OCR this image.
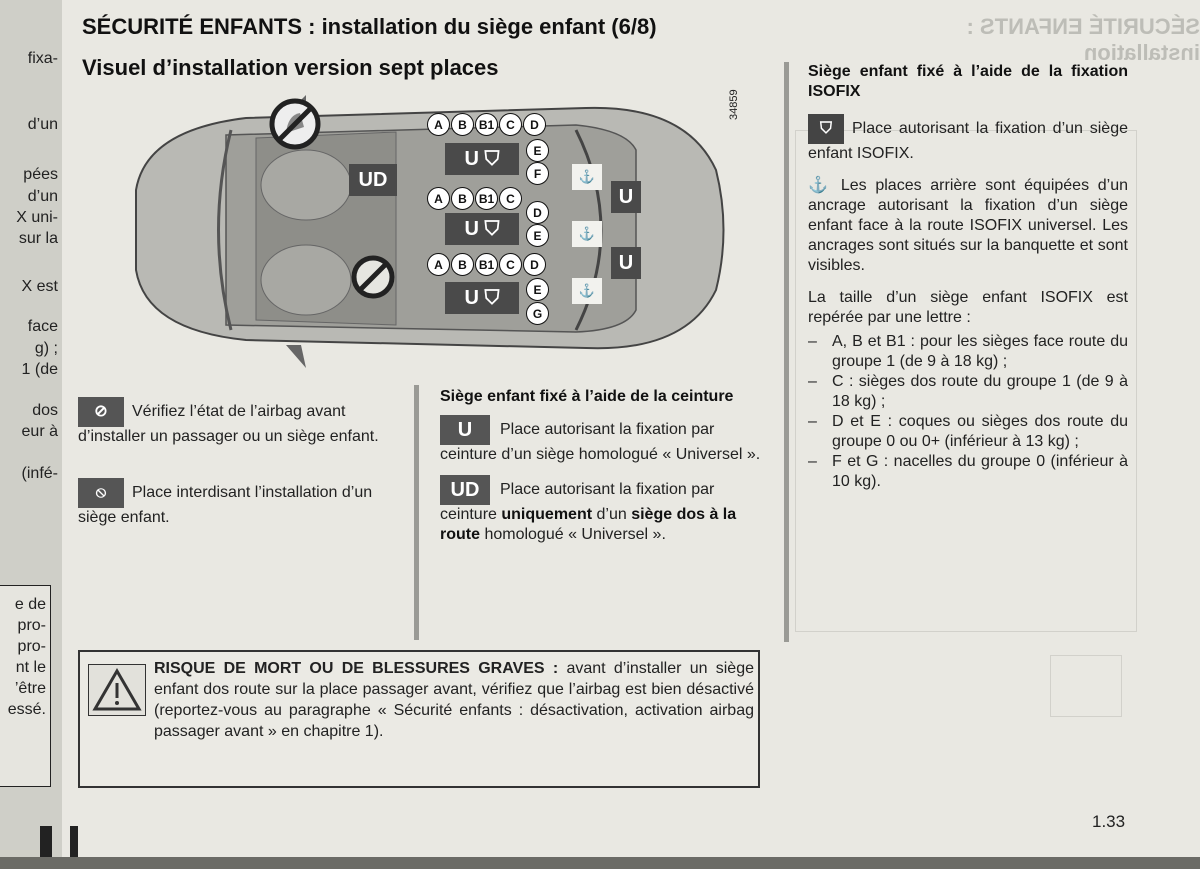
SÉCURITÉ ENFANTS : installation
fixa-
d’un
pées
d’un
X uni-
sur la
X est
face
g) ;
1 (de
dos
eur à
(infé-
e de
pro-
pro-
nt le
’être
essé.
SÉCURITÉ ENFANTS : installation du siège enfant (6/8)
Visuel d’installation version sept places
34859
UD
A	B	B1 C	D
U
⛉	E
F
A	B	B1 C
U
⛉
D
E
A	B	B1 C	D
U
⛉	E
G
⚓
⚓
⚓
U
U
⊘ Vérifiez l’état de l’airbag avant d’installer un passager ou un siège enfant.
⦸ Place interdisant l’installation d’un siège enfant.
Siège enfant fixé à l’aide de la ceinture
U Place autorisant la fixation par ceinture d’un siège homologué « Universel ».
UD Place autorisant la fixation par ceinture uniquement d’un siège dos à la route homologué « Universel ».
Siège enfant fixé à l’aide de la fixation ISOFIX
⛉ Place autorisant la fixation d’un siège enfant ISOFIX.
⚓ Les places arrière sont équipées d’un ancrage autorisant la fixation d’un siège enfant face à la route ISOFIX universel. Les ancrages sont situés sur la banquette et sont visibles.
La taille d’un siège enfant ISOFIX est repérée par une lettre :
– A, B et B1 : pour les sièges face route du groupe 1 (de 9 à 18 kg) ;
– C : sièges dos route du groupe 1 (de 9 à 18 kg) ;
– D et E : coques ou sièges dos route du groupe 0 ou 0+ (inférieur à 13 kg) ;
– F et G : nacelles du groupe 0 (inférieur à 10 kg).
RISQUE DE MORT OU DE BLESSURES GRAVES : avant d’installer un siège enfant dos route sur la place passager avant, vérifiez que l’airbag est bien désactivé (reportez-vous au paragraphe « Sécurité enfants : désactivation, activation airbag passager avant » en chapitre 1).
1.33
